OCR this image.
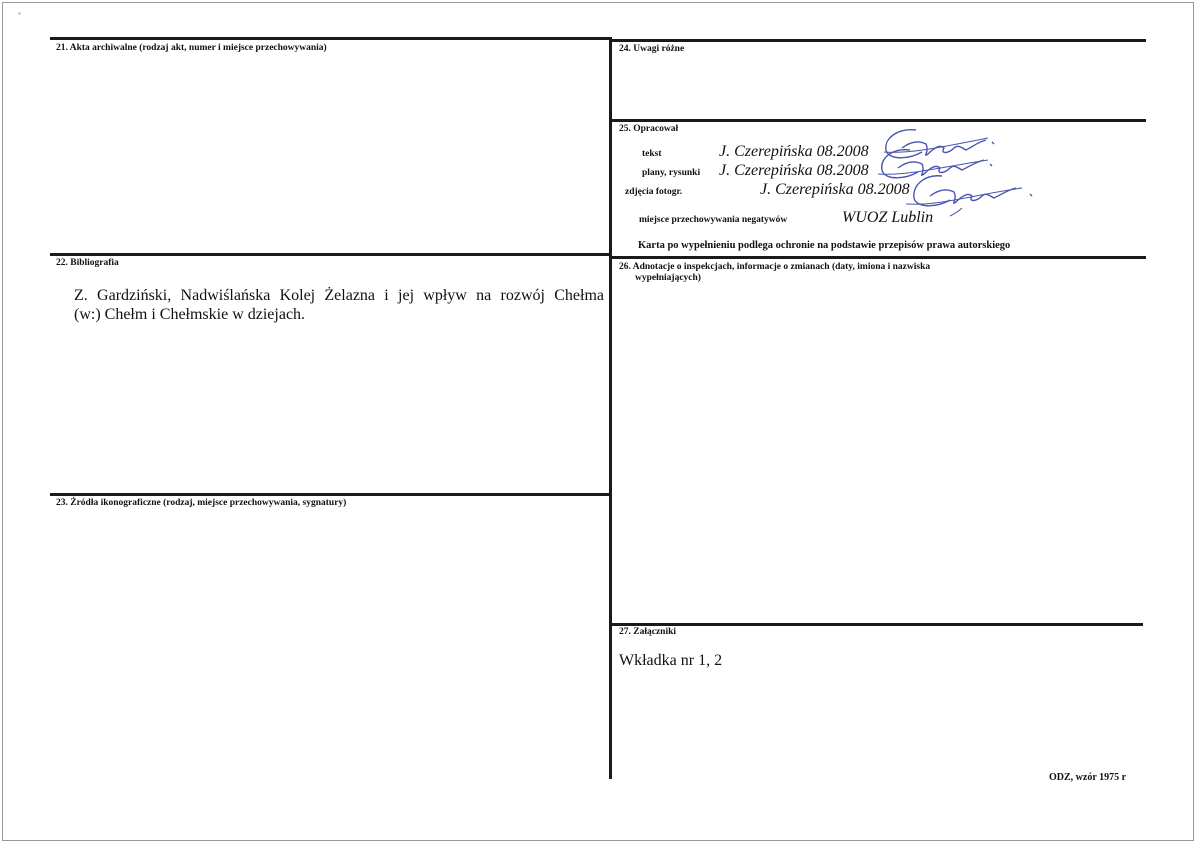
21. Akta archiwalne (rodzaj akt, numer i miejsce przechowywania)	24. Uwagi różne
25. Opracował
tekst	J. Czerepińska 08.2008
plany, rysunki J. Czerepińska 08.2008
zdjęcia fotogr.	J. Czerepińska 08.2008
miejsce przechowywania negatywów	WUOZ Lublin
Karta po wypełnieniu podlega ochronie na podstawie przepisów prawa autorskiego
22. Bibliografia
Z. Gardziński, Nadwiślańska Kolej Żelazna i jej wpływ na rozwój Chełma
(w:) Chełm i Chełmskie w dziejach.
26. Adnotacje o inspekcjach, informacje o zmianach (daty, imiona i nazwiska
wypełniających)
23. Źródła ikonograficzne (rodzaj, miejsce przechowywania, sygnatury)
27. Załączniki
Wkładka nr 1, 2
ODZ, wzór 1975 r
